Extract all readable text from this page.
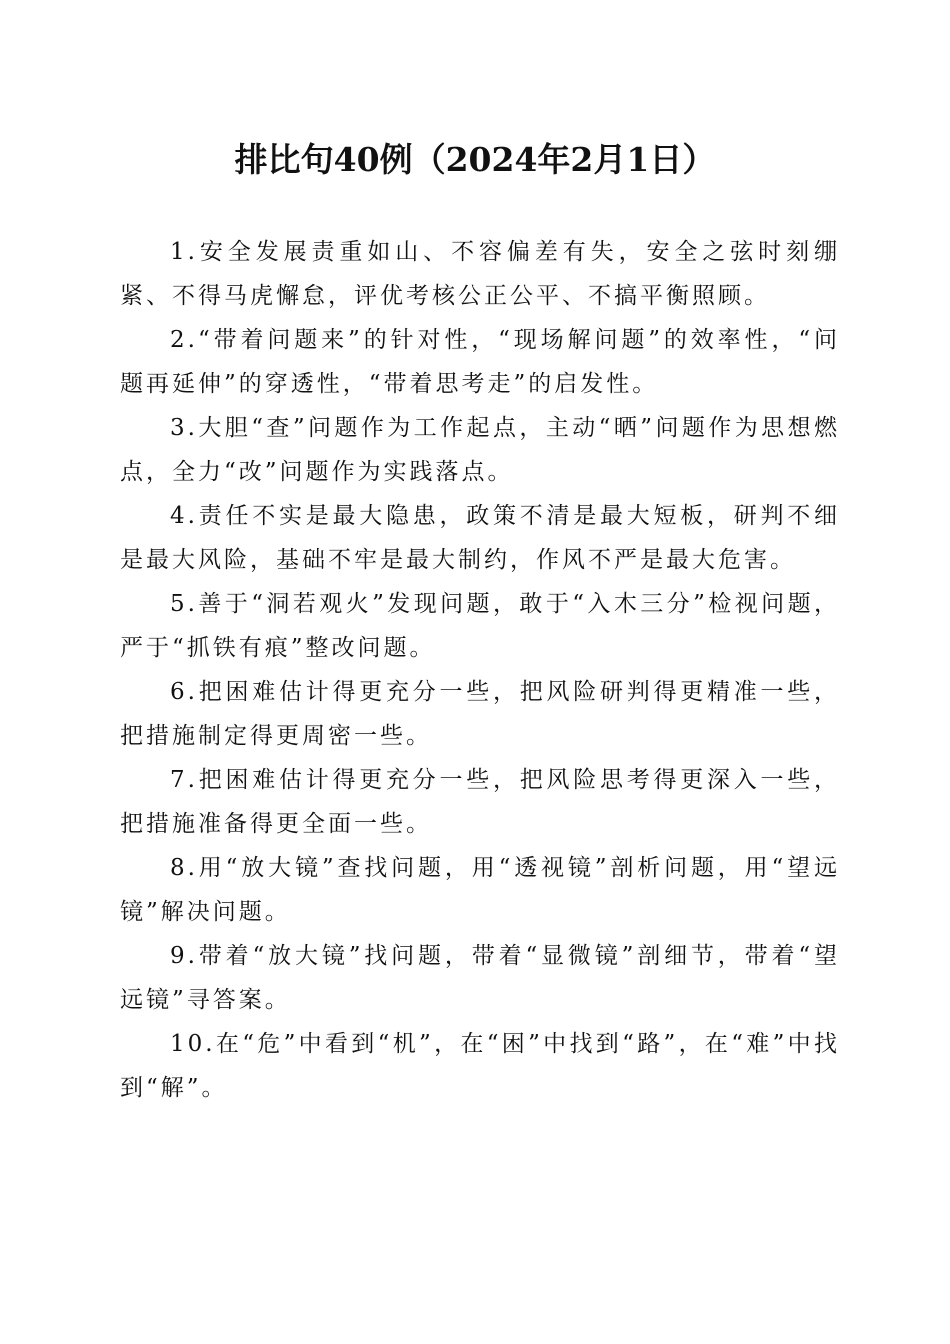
排比句40例（2024年2月1日）

1.安全发展责重如山、不容偏差有失，安全之弦时刻绷紧、不得马虎懈怠，评优考核公正公平、不搞平衡照顾。

2.“带着问题来”的针对性，“现场解问题”的效率性，“问题再延伸”的穿透性，“带着思考走”的启发性。

3.大胆“查”问题作为工作起点，主动“晒”问题作为思想燃点，全力“改”问题作为实践落点。

4.责任不实是最大隐患，政策不清是最大短板，研判不细是最大风险，基础不牢是最大制约，作风不严是最大危害。

5.善于“洞若观火”发现问题，敢于“入木三分”检视问题，严于“抓铁有痕”整改问题。

6.把困难估计得更充分一些，把风险研判得更精准一些，把措施制定得更周密一些。

7.把困难估计得更充分一些，把风险思考得更深入一些，把措施准备得更全面一些。

8.用“放大镜”查找问题，用“透视镜”剖析问题，用“望远镜”解决问题。

9.带着“放大镜”找问题，带着“显微镜”剖细节，带着“望远镜”寻答案。

10.在“危”中看到“机”，在“困”中找到“路”，在“难”中找到“解”。
